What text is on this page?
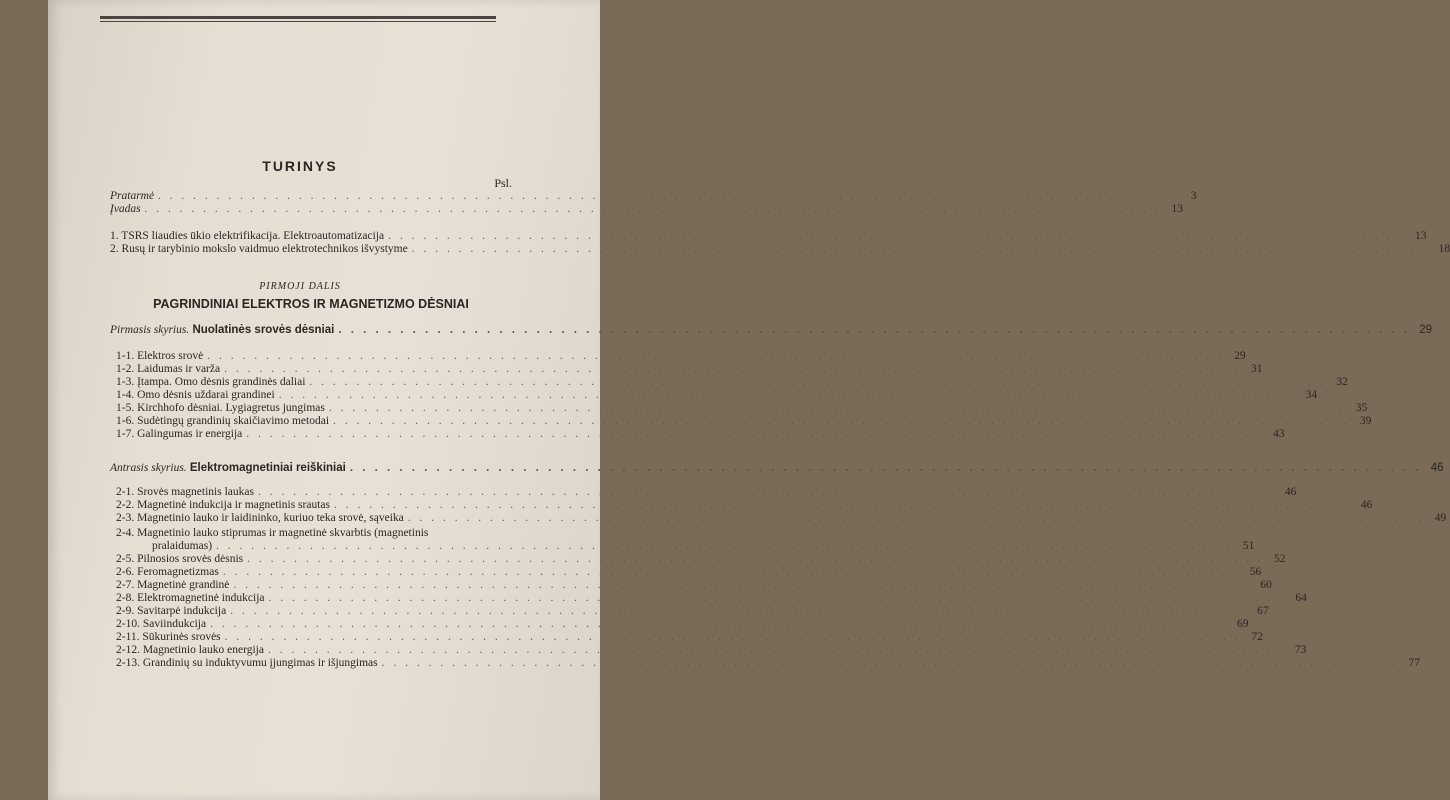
TURINYS
Psl.
Pratarmė . . .	3
Įvadas . . .	13
1. TSRS liaudies ūkio elektrifikacija. Elektroautomatizacija . . .	13
2. Rusų ir tarybinio mokslo vaidmuo elektrotechnikos išvystyme . . .	18
PIRMOJI DALIS
PAGRINDINIAI ELEKTROS IR MAGNETIZMO DĖSNIAI
Pirmasis skyrius. Nuolatinės srovės dėsniai . . .	29
1-1. Elektros srovė . . .	29
1-2. Laidumas ir varža . . .	31
1-3. Įtampa. Omo dėsnis grandinės daliai . . .	32
1-4. Omo dėsnis uždarai grandinei . . .	34
1-5. Kirchhofo dėsniai. Lygiagretus jungimas . . .	35
1-6. Sudėtingų grandinių skaičiavimo metodai . . .	39
1-7. Galingumas ir energija . . .	43
Antrasis skyrius. Elektromagnetiniai reiškiniai . . .	46
2-1. Srovės magnetinis laukas . . .	46
2-2. Magnetinė indukcija ir magnetinis srautas . . .	46
2-3. Magnetinio lauko ir laidininko, kuriuo teka srovė, sąveika . . .	49
2-4. Magnetinio lauko stiprumas ir magnetinė skvarbtis (magnetinis
pralaidumas) . . .	51
2-5. Pilnosios srovės dėsnis . . .	52
2-6. Feromagnetizmas . . .	56
2-7. Magnetinė grandinė . . .	60
2-8. Elektromagnetinė indukcija . . .	64
2-9. Savitarpė indukcija . . .	67
2-10. Saviindukcija . . .	69
2-11. Sūkurinės srovės . . .	72
2-12. Magnetinio lauko energija . . .	73
2-13. Grandinių su induktyvumu įjungimas ir išjungimas . . .	77
